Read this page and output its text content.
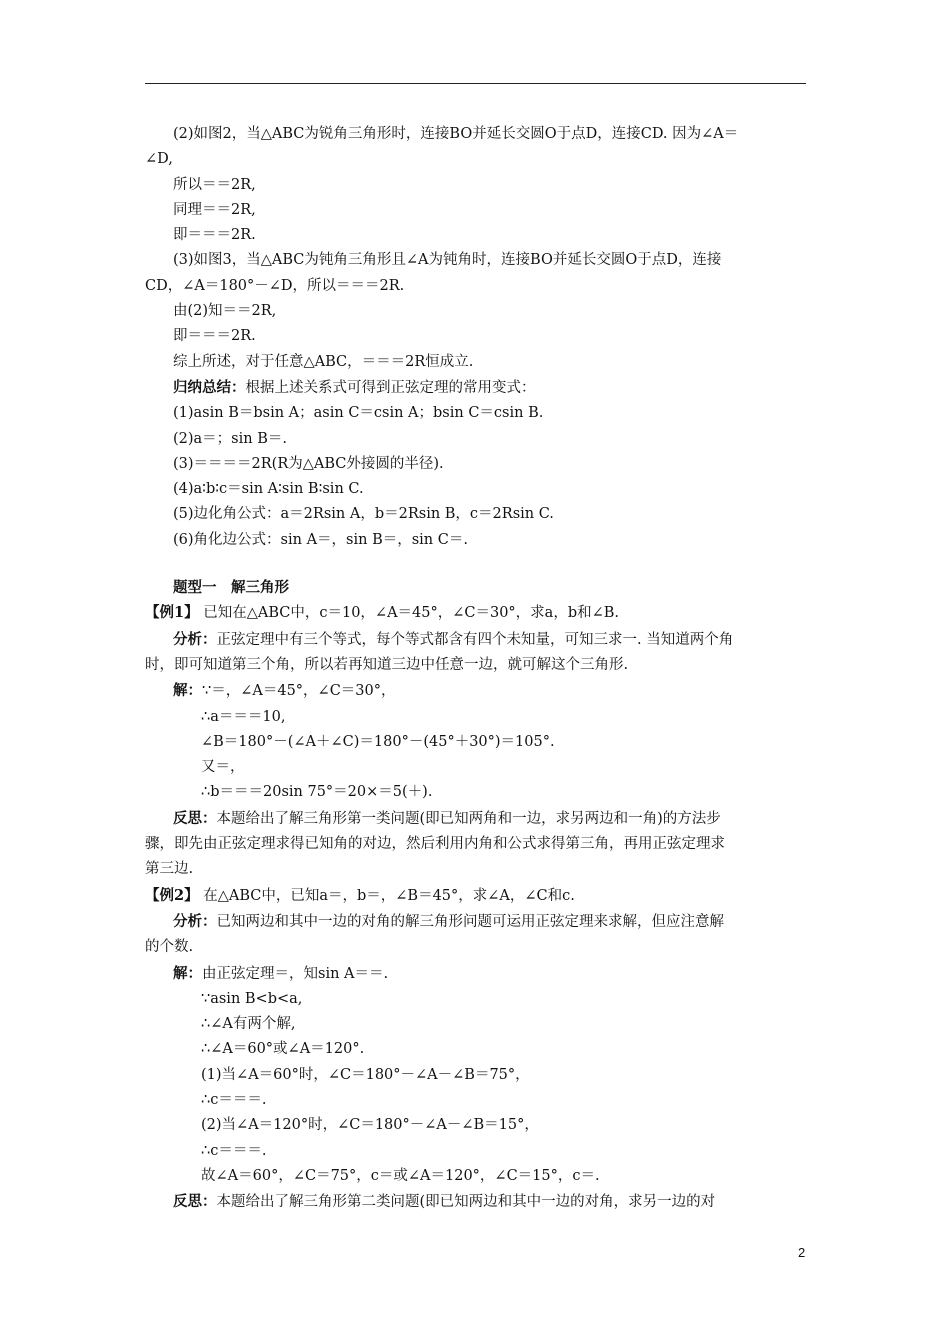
(2)如图2，当△ABC为锐角三角形时，连接BO并延长交圆O于点D，连接CD. 因为∠A＝
∠D,
所以＝＝2R,
同理＝＝2R,
即＝＝＝2R.
(3)如图3，当△ABC为钝角三角形且∠A为钝角时，连接BO并延长交圆O于点D，连接
CD，∠A＝180°－∠D，所以＝＝＝2R.
由(2)知＝＝2R,
即＝＝＝2R.
综上所述，对于任意△ABC，＝＝＝2R恒成立.
归纳总结：根据上述关系式可得到正弦定理的常用变式：
(1)asin B＝bsin A；asin C＝csin A；bsin C＝csin B.
(2)a＝；sin B＝.
(3)＝＝＝＝2R(R为△ABC外接圆的半径).
(4)a∶b∶c＝sin A∶sin B∶sin C.
(5)边化角公式：a＝2Rsin A，b＝2Rsin B，c＝2Rsin C.
(6)角化边公式：sin A＝，sin B＝，sin C＝.
题型一　解三角形
【例1】 已知在△ABC中，c＝10，∠A＝45°，∠C＝30°，求a，b和∠B.
分析：正弦定理中有三个等式，每个等式都含有四个未知量，可知三求一. 当知道两个角
时，即可知道第三个角，所以若再知道三边中任意一边，就可解这个三角形.
解：∵＝，∠A＝45°，∠C＝30°，
∴a＝＝＝10,
∠B＝180°－(∠A＋∠C)＝180°－(45°＋30°)＝105°.
又＝，
∴b＝＝＝20sin 75°＝20×＝5(＋).
反思：本题给出了解三角形第一类问题(即已知两角和一边，求另两边和一角)的方法步
骤，即先由正弦定理求得已知角的对边，然后利用内角和公式求得第三角，再用正弦定理求
第三边.
【例2】 在△ABC中，已知a＝，b＝，∠B＝45°，求∠A，∠C和c.
分析：已知两边和其中一边的对角的解三角形问题可运用正弦定理来求解，但应注意解
的个数.
解：由正弦定理＝，知sin A＝＝.
∵asin B<b<a,
∴∠A有两个解,
∴∠A＝60°或∠A＝120°.
(1)当∠A＝60°时，∠C＝180°－∠A－∠B＝75°，
∴c＝＝＝.
(2)当∠A＝120°时，∠C＝180°－∠A－∠B＝15°，
∴c＝＝＝.
故∠A＝60°，∠C＝75°，c＝或∠A＝120°，∠C＝15°，c＝.
反思：本题给出了解三角形第二类问题(即已知两边和其中一边的对角，求另一边的对
2
